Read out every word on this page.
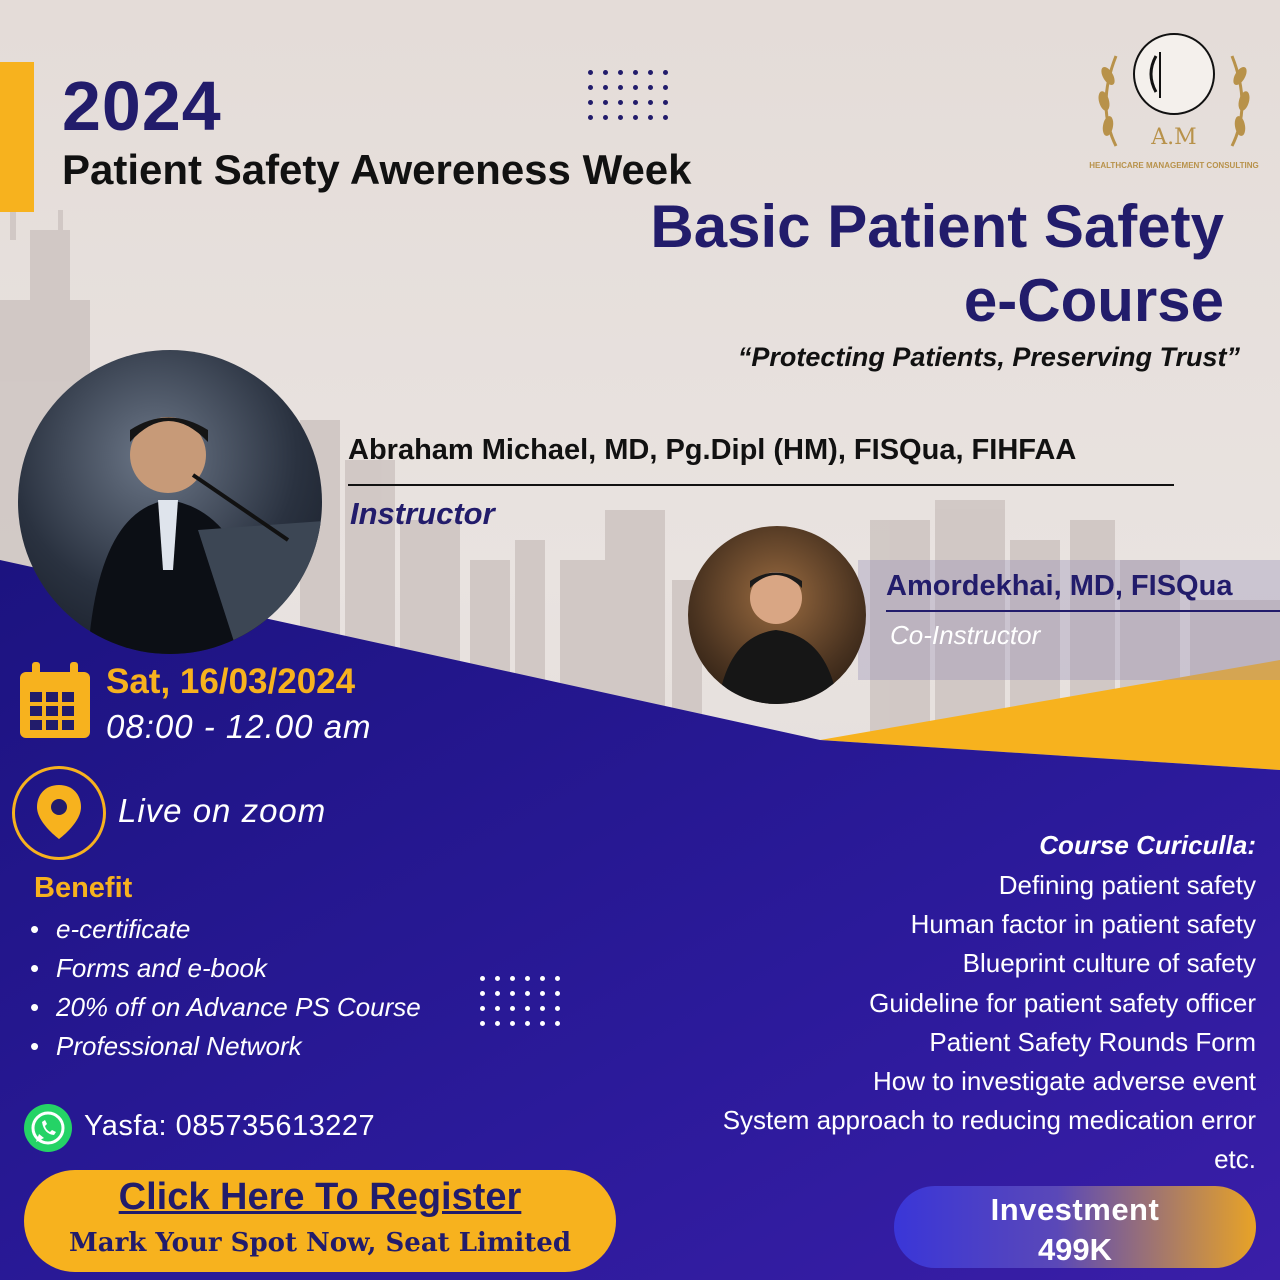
2024
Patient Safety Awereness Week
A.M
HEALTHCARE MANAGEMENT CONSULTING
Basic Patient Safety e-Course
“Protecting Patients, Preserving Trust”
Abraham Michael, MD, Pg.Dipl (HM), FISQua, FIHFAA
Instructor
Amordekhai, MD, FISQua
Co-Instructor
Sat, 16/03/2024
08:00 - 12.00 am
Live on zoom
Benefit
• e-certificate
• Forms and e-book
• 20% off on Advance PS Course
• Professional Network
Yasfa: 085735613227
Click Here To Register
Mark Your Spot Now, Seat Limited
Course Curiculla:
Defining patient safety
Human factor in patient safety
Blueprint culture of safety
Guideline for patient safety officer
Patient Safety Rounds Form
How to investigate adverse event
System approach to reducing medication error
etc.
Investment
499K
